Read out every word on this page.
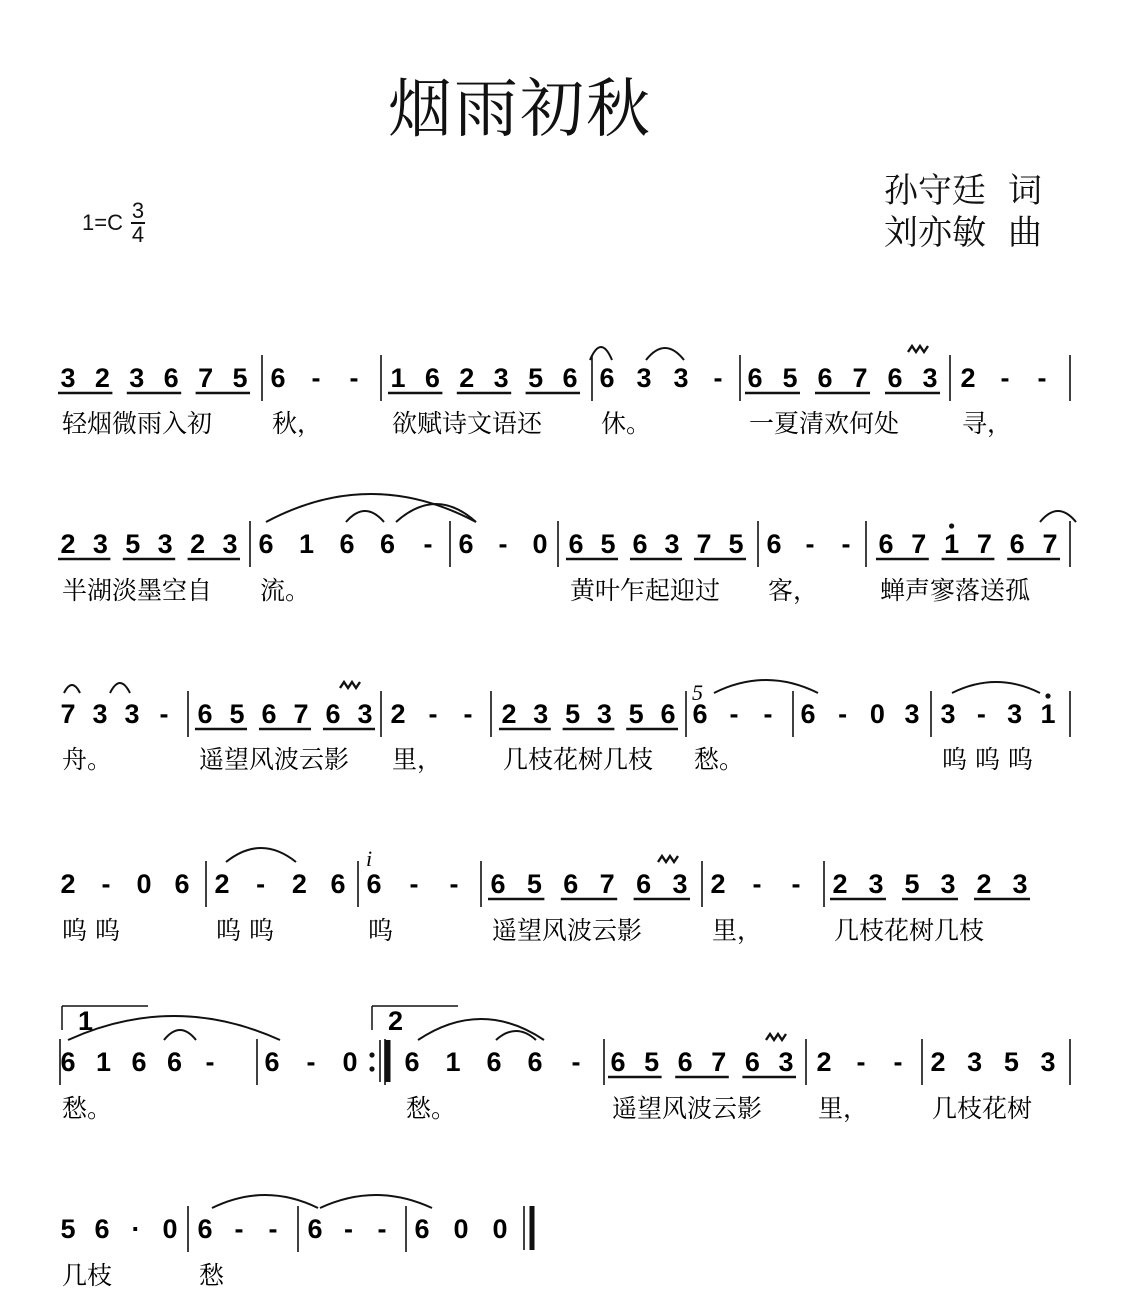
烟雨初秋
$1=C \frac{3}{4}$
孙守廷 词
刘亦敏 曲
3 2 3 6 7 5 6 - - 1 6 2 3 5 6 6 3 3 - 6 5 6 7 6 3 2 - -
轻烟微雨入初 秋，	欲赋诗文语还 休。	一夏清欢何处	寻，
2 3 5 3 2 3 6 1 6 6 - 6 - 0 6 5 6 3 7 5 6 - - 6 7 1 7 6 7
半湖淡墨空自 流。	黄叶乍起迎过 客， 蝉声寥落送孤
7 3 3 - 6 5 6 7 6 3 2 - - 2 3 5 3 5 6 6 - - 6 - 0 3 3 - 3 1
舟。	遥望风波云影 里， 几枝花树几枝 愁。	呜 呜 呜
2 - 0 6 2 - 2 6 6 - - 6 5 6 7 6 3 2 - - 2 3 5 3 2 3
呜 呜	呜 呜	呜	遥望风波云影	里，	几枝花树几枝
6 1 6 6 - 6 - 0 6 1 6 6 - 6 5 6 7 6 3 2 - - 2 3 5 3
愁。	愁。	遥望风波云影 里，	几枝花树
5 6 · 0 6 - - 6 - - 6 0 0
几枝	愁
1	2
5
i
